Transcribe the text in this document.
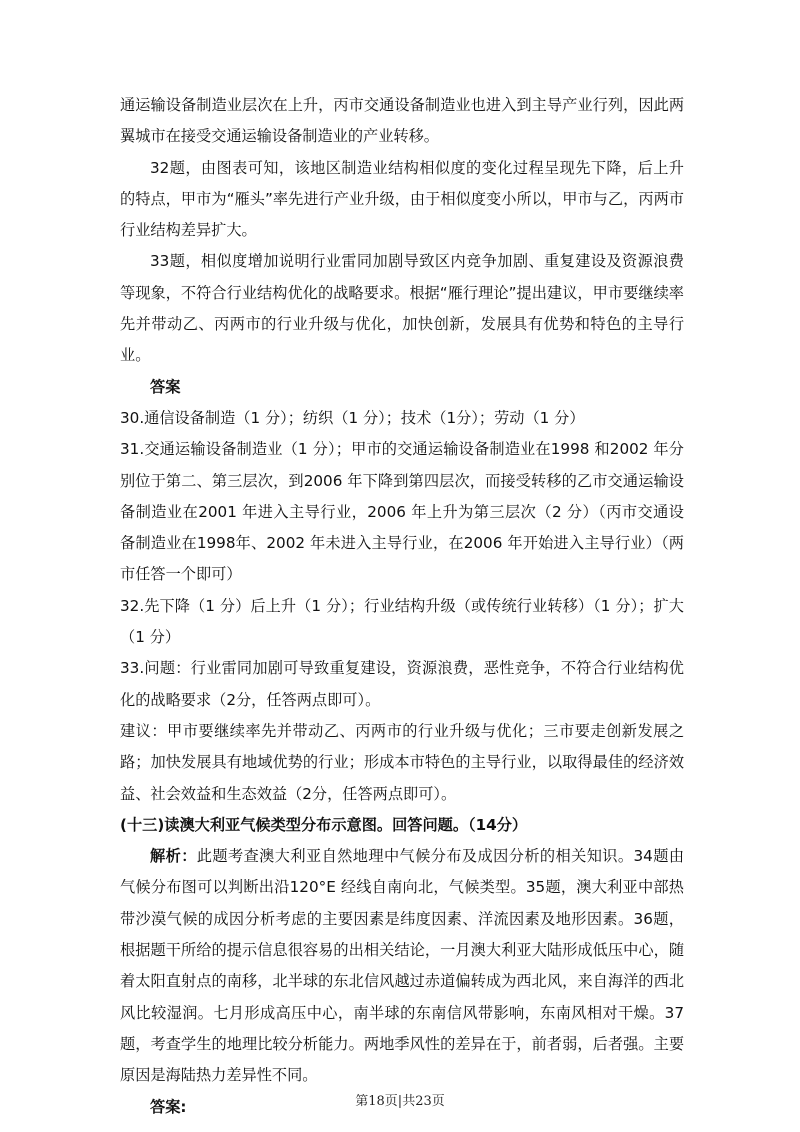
通运输设备制造业层次在上升，丙市交通设备制造业也进入到主导产业行列，因此两翼城市在接受交通运输设备制造业的产业转移。

32题，由图表可知，该地区制造业结构相似度的变化过程呈现先下降，后上升的特点，甲市为“雁头”率先进行产业升级，由于相似度变小所以，甲市与乙，丙两市行业结构差异扩大。

33题，相似度增加说明行业雷同加剧导致区内竞争加剧、重复建设及资源浪费等现象，不符合行业结构优化的战略要求。根据“雁行理论”提出建议，甲市要继续率先并带动乙、丙两市的行业升级与优化，加快创新，发展具有优势和特色的主导行业。

答案

30.通信设备制造（1 分）；纺织（1 分）；技术（1分）；劳动（1 分）

31.交通运输设备制造业（1 分）；甲市的交通运输设备制造业在1998 和2002 年分别位于第二、第三层次，到2006 年下降到第四层次，而接受转移的乙市交通运输设备制造业在2001 年进入主导行业，2006 年上升为第三层次（2 分）（丙市交通设备制造业在1998年、2002 年未进入主导行业，在2006 年开始进入主导行业）（两市任答一个即可）

32.先下降（1 分）后上升（1 分）；行业结构升级（或传统行业转移）（1 分）；扩大（1 分）

33.问题：行业雷同加剧可导致重复建设，资源浪费，恶性竞争，不符合行业结构优化的战略要求（2分，任答两点即可）。

建议：甲市要继续率先并带动乙、丙两市的行业升级与优化；三市要走创新发展之路；加快发展具有地域优势的行业；形成本市特色的主导行业，以取得最佳的经济效益、社会效益和生态效益（2分，任答两点即可）。

(十三)读澳大利亚气候类型分布示意图。回答问题。（14分）

解析：此题考查澳大利亚自然地理中气候分布及成因分析的相关知识。34题由气候分布图可以判断出沿120°E 经线自南向北，气候类型。35题，澳大利亚中部热带沙漠气候的成因分析考虑的主要因素是纬度因素、洋流因素及地形因素。36题，根据题干所给的提示信息很容易的出相关结论，一月澳大利亚大陆形成低压中心，随着太阳直射点的南移，北半球的东北信风越过赤道偏转成为西北风，来自海洋的西北风比较湿润。七月形成高压中心，南半球的东南信风带影响，东南风相对干燥。37题，考查学生的地理比较分析能力。两地季风性的差异在于，前者弱，后者强。主要原因是海陆热力差异性不同。

答案:	第18页|共23页
